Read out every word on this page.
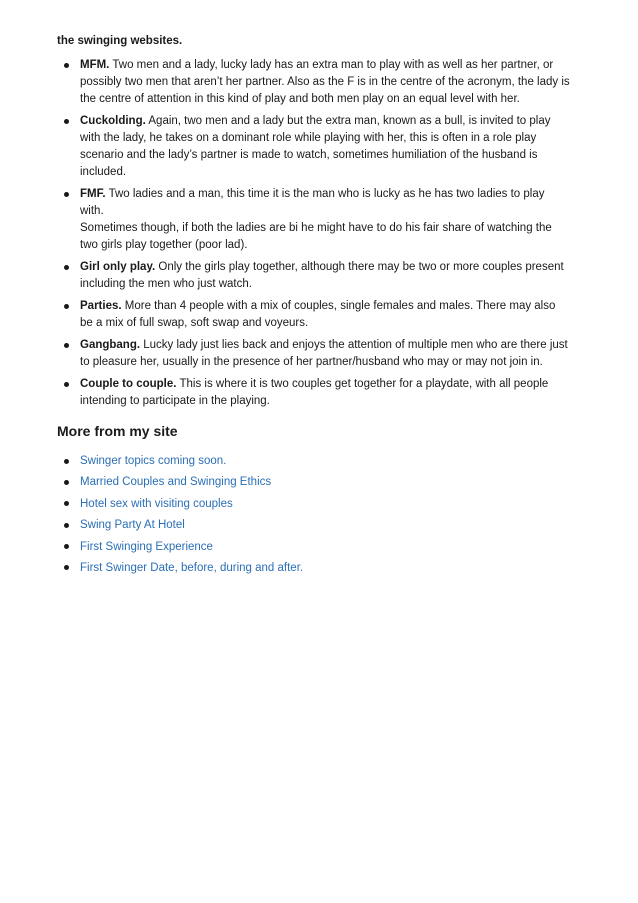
the swinging websites.

MFM. Two men and a lady, lucky lady has an extra man to play with as well as her partner, or
possibly two men that aren’t her partner. Also as the F is in the centre of the acronym, the lady is
the centre of attention in this kind of play and both men play on an equal level with her.
Cuckolding. Again, two men and a lady but the extra man, known as a bull, is invited to play
with the lady, he takes on a dominant role while playing with her, this is often in a role play
scenario and the lady’s partner is made to watch, sometimes humiliation of the husband is
included.
FMF. Two ladies and a man, this time it is the man who is lucky as he has two ladies to play
with.
Sometimes though, if both the ladies are bi he might have to do his fair share of watching the
two girls play together (poor lad).
Girl only play. Only the girls play together, although there may be two or more couples present
including the men who just watch.
Parties. More than 4 people with a mix of couples, single females and males. There may also
be a mix of full swap, soft swap and voyeurs.
Gangbang. Lucky lady just lies back and enjoys the attention of multiple men who are there just
to pleasure her, usually in the presence of her partner/husband who may or may not join in.
Couple to couple. This is where it is two couples get together for a playdate, with all people
intending to participate in the playing.
More from my site
Swinger topics coming soon.
Married Couples and Swinging Ethics
Hotel sex with visiting couples
Swing Party At Hotel
First Swinging Experience
First Swinger Date, before, during and after.
